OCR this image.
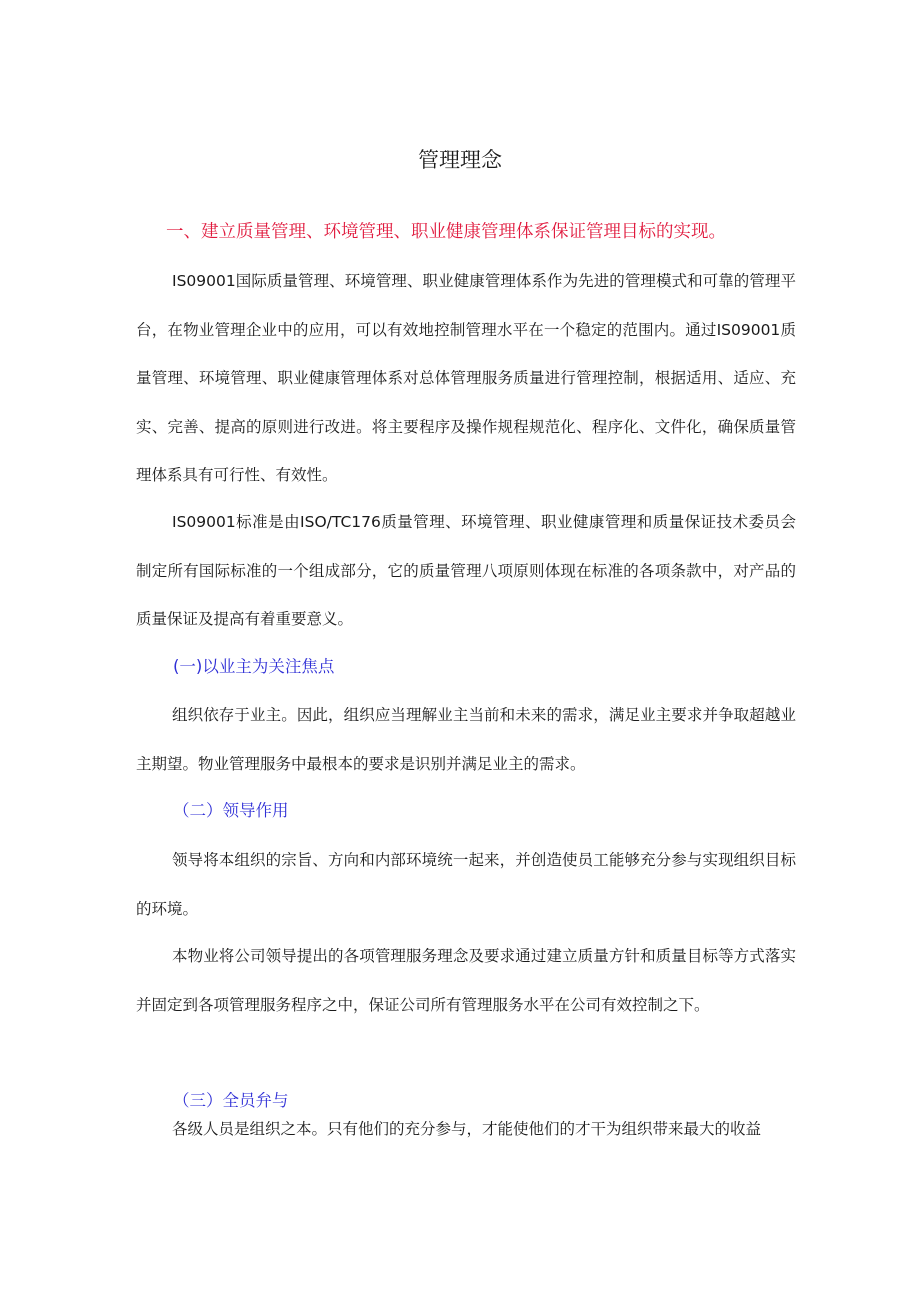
管理理念
一、建立质量管理、环境管理、职业健康管理体系保证管理目标的实现。

IS09001国际质量管理、环境管理、职业健康管理体系作为先进的管理模式和可靠的管理平台，在物业管理企业中的应用，可以有效地控制管理水平在一个稳定的范围内。通过IS09001质量管理、环境管理、职业健康管理体系对总体管理服务质量进行管理控制，根据适用、适应、充实、完善、提高的原则进行改进。将主要程序及操作规程规范化、程序化、文件化，确保质量管理体系具有可行性、有效性。

IS09001标准是由ISO/TC176质量管理、环境管理、职业健康管理和质量保证技术委员会制定所有国际标准的一个组成部分，它的质量管理八项原则体现在标准的各项条款中，对产品的质量保证及提高有着重要意义。

(一)以业主为关注焦点

组织依存于业主。因此，组织应当理解业主当前和未来的需求，满足业主要求并争取超越业主期望。物业管理服务中最根本的要求是识别并满足业主的需求。

（二）领导作用

领导将本组织的宗旨、方向和内部环境统一起来，并创造使员工能够充分参与实现组织目标的环境。

本物业将公司领导提出的各项管理服务理念及要求通过建立质量方针和质量目标等方式落实并固定到各项管理服务程序之中，保证公司所有管理服务水平在公司有效控制之下。

（三）全员弁与

各级人员是组织之本。只有他们的充分参与，才能使他们的才干为组织带来最大的收益
